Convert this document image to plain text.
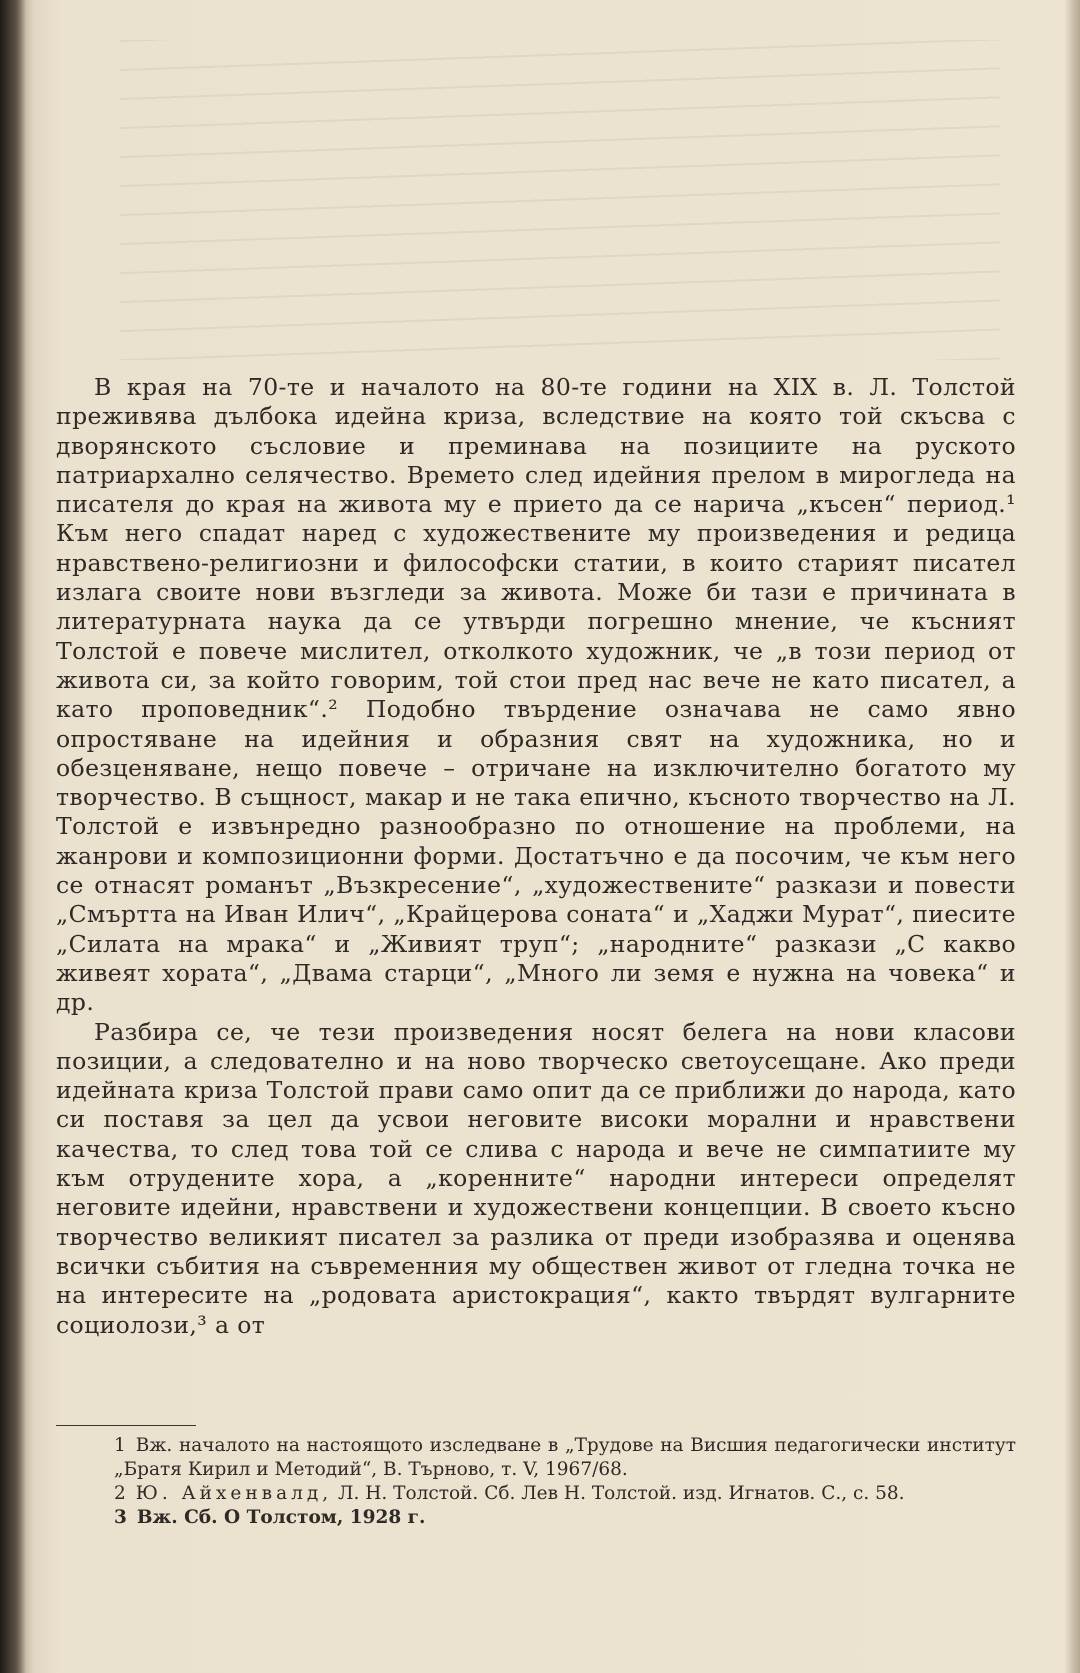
В края на 70-те и началото на 80-те години на XIX в. Л. Толстой преживява дълбока идейна криза, вследствие на която той скъсва с дворянското съсловие и преминава на позициите на руското патриархално селячество. Времето след идейния прелом в мирогледа на писателя до края на живота му е прието да се нарича „късен“ период.¹ Към него спадат наред с художествените му произведения и редица нравствено-религиозни и философски статии, в които старият писател излага своите нови възгледи за живота. Може би тази е причината в литературната наука да се утвърди погрешно мнение, че късният Толстой е повече мислител, отколкото художник, че „в този период от живота си, за който говорим, той стои пред нас вече не като писател, а като проповедник“.² Подобно твърдение означава не само явно опростяване на идейния и образния свят на художника, но и обезценяване, нещо повече – отричане на изключително богатото му творчество. В същност, макар и не така епично, късното творчество на Л. Толстой е извънредно разнообразно по отношение на проблеми, на жанрови и композиционни форми. Достатъчно е да посочим, че към него се отнасят романът „Възкресение“, „художествените“ разкази и повести „Смъртта на Иван Илич“, „Крайцерова соната“ и „Хаджи Мурат“, пиесите „Силата на мрака“ и „Живият труп“; „народните“ разкази „С какво живеят хората“, „Двама старци“, „Много ли земя е нужна на човека“ и др.

Разбира се, че тези произведения носят белега на нови класови позиции, а следователно и на ново творческо светоусещане. Ако преди идейната криза Толстой прави само опит да се приближи до народа, като си поставя за цел да усвои неговите високи морални и нравствени качества, то след това той се слива с народа и вече не симпатиите му към отрудените хора, а „коренните“ народни интереси определят неговите идейни, нравствени и художествени концепции. В своето късно творчество великият писател за разлика от преди изобразява и оценява всички събития на съвременния му обществен живот от гледна точка не на интересите на „родовата аристокрация“, както твърдят вулгарните социолози,³ а от

1 Вж. началото на настоящото изследване в „Трудове на Висшия педагогически институт „Братя Кирил и Методий“, В. Търново, т. V, 1967/68.

2 Ю. Айхенвалд, Л. Н. Толстой. Сб. Лев Н. Толстой. изд. Игнатов. С., с. 58.

3 Вж. Сб. О Толстом, 1928 г.
